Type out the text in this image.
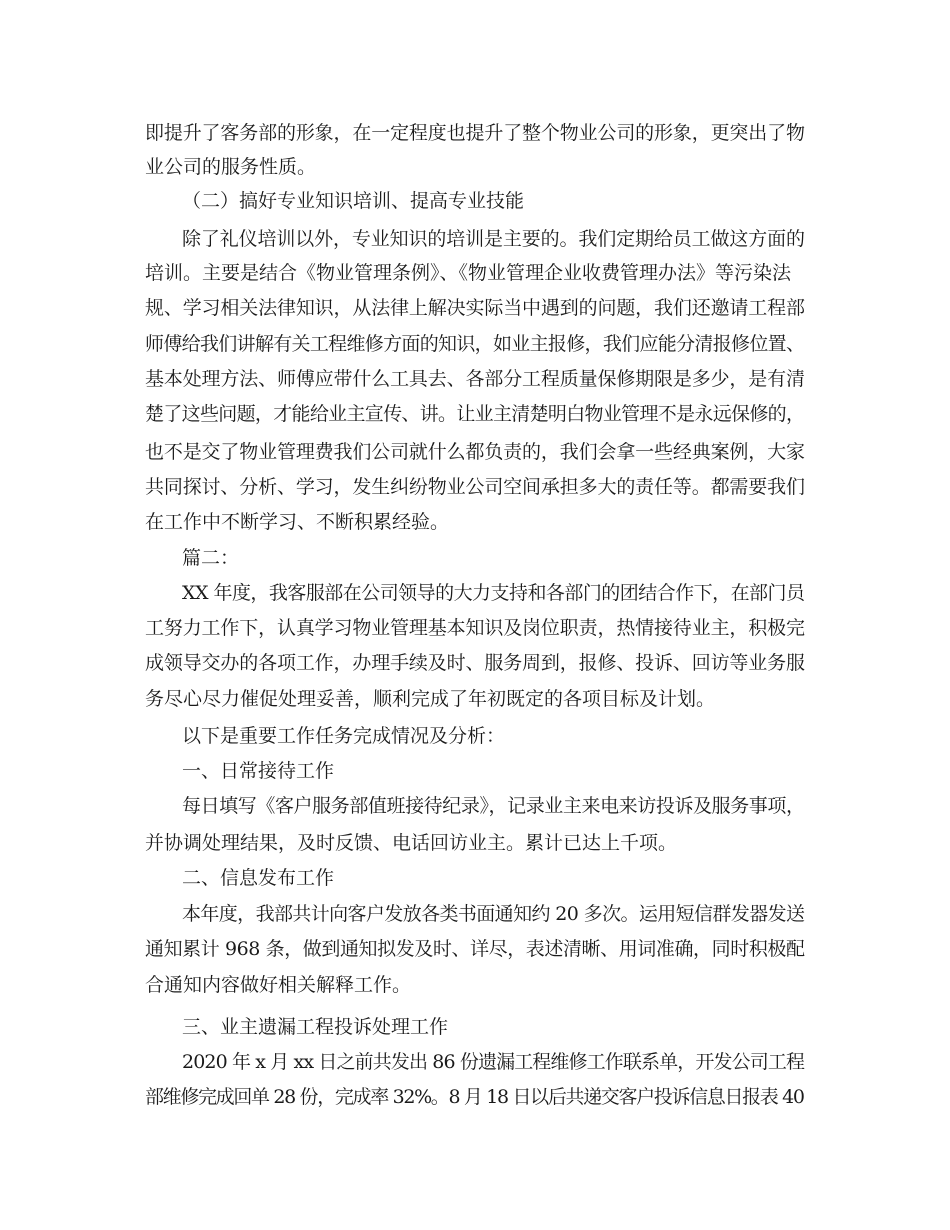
即提升了客务部的形象，在一定程度也提升了整个物业公司的形象，更突出了物
业公司的服务性质。
（二）搞好专业知识培训、提高专业技能
除了礼仪培训以外，专业知识的培训是主要的。我们定期给员工做这方面的
培训。主要是结合《物业管理条例》、《物业管理企业收费管理办法》等污染法
规、学习相关法律知识，从法律上解决实际当中遇到的问题，我们还邀请工程部
师傅给我们讲解有关工程维修方面的知识，如业主报修，我们应能分清报修位置、
基本处理方法、师傅应带什么工具去、各部分工程质量保修期限是多少，是有清
楚了这些问题，才能给业主宣传、讲。让业主清楚明白物业管理不是永远保修的，
也不是交了物业管理费我们公司就什么都负责的，我们会拿一些经典案例，大家
共同探讨、分析、学习，发生纠纷物业公司空间承担多大的责任等。都需要我们
在工作中不断学习、不断积累经验。
篇二：
XX 年度，我客服部在公司领导的大力支持和各部门的团结合作下，在部门员
工努力工作下，认真学习物业管理基本知识及岗位职责，热情接待业主，积极完
成领导交办的各项工作，办理手续及时、服务周到，报修、投诉、回访等业务服
务尽心尽力催促处理妥善，顺利完成了年初既定的各项目标及计划。
以下是重要工作任务完成情况及分析：
一、日常接待工作
每日填写《客户服务部值班接待纪录》，记录业主来电来访投诉及服务事项，
并协调处理结果，及时反馈、电话回访业主。累计已达上千项。
二、信息发布工作
本年度，我部共计向客户发放各类书面通知约 20 多次。运用短信群发器发送
通知累计 968 条，做到通知拟发及时、详尽，表述清晰、用词准确，同时积极配
合通知内容做好相关解释工作。
三、业主遗漏工程投诉处理工作
2020 年 x 月 xx 日之前共发出 86 份遗漏工程维修工作联系单，开发公司工程
部维修完成回单 28 份，完成率 32%。8 月 18 日以后共递交客户投诉信息日报表 40
